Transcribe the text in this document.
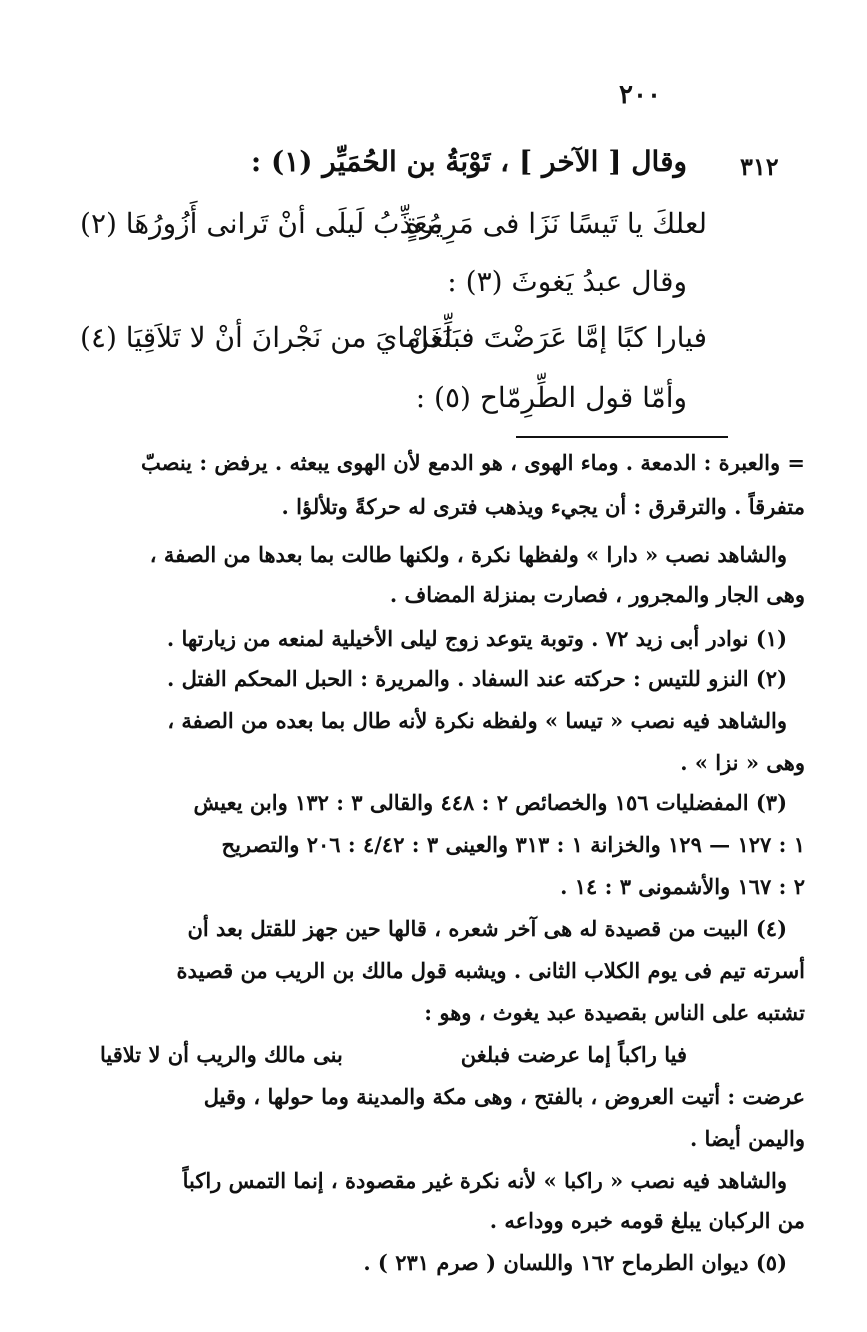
٢٠٠
٣١٢
وقال [ الآخر ] ، تَوْبَةُ بن الحُمَيِّر (١) :
لعلكَ يا تَيسًا نَزَا فى مَرِيرةٍ
مُعَذِّبُ لَيلَى أنْ تَرانى أَزُورُهَا (٢)
وقال عبدُ يَغوثَ (٣) :
فيارا كبًا إمَّا عَرَضْتَ فبَلِّغَنْ
نَدامايَ من نَجْرانَ أنْ لا تَلاَقِيَا (٤)
وأمّا قول الطِّرِمّاح (٥) :
= والعبرة : الدمعة . وماء الهوى ، هو الدمع لأن الهوى يبعثه . يرفض : ينصبّ
متفرقاً . والترقرق : أن يجيء ويذهب فترى له حركةً وتلألؤا .
والشاهد نصب « دارا » ولفظها نكرة ، ولكنها طالت بما بعدها من الصفة ،
وهى الجار والمجرور ، فصارت بمنزلة المضاف .
(١) نوادر أبى زيد ٧٢ . وتوبة يتوعد زوج ليلى الأخيلية لمنعه من زيارتها .
(٢) النزو للتيس : حركته عند السفاد . والمريرة : الحبل المحكم الفتل .
والشاهد فيه نصب « تيسا » ولفظه نكرة لأنه طال بما بعده من الصفة ،
وهى « نزا » .
(٣) المفضليات ١٥٦ والخصائص ٢ : ٤٤٨ والقالى ٣ : ١٣٢ وابن يعيش
١ : ١٢٧ — ١٢٩ والخزانة ١ : ٣١٣ والعينى ٣ : ٤/٤٢ : ٢٠٦ والتصريح
٢ : ١٦٧ والأشمونى ٣ : ١٤ .
(٤) البيت من قصيدة له هى آخر شعره ، قالها حين جهز للقتل بعد أن
أسرته تيم فى يوم الكلاب الثانى . ويشبه قول مالك بن الريب من قصيدة
تشتبه على الناس بقصيدة عبد يغوث ، وهو :
فيا راكباً إما عرضت فبلغن
بنى مالك والريب أن لا تلاقيا
عرضت : أتيت العروض ، بالفتح ، وهى مكة والمدينة وما حولها ، وقيل
واليمن أيضا .
والشاهد فيه نصب « راكبا » لأنه نكرة غير مقصودة ، إنما التمس راكباً
من الركبان يبلغ قومه خبره ووداعه .
(٥) ديوان الطرماح ١٦٢ واللسان ( صرم ٢٣١ ) .
